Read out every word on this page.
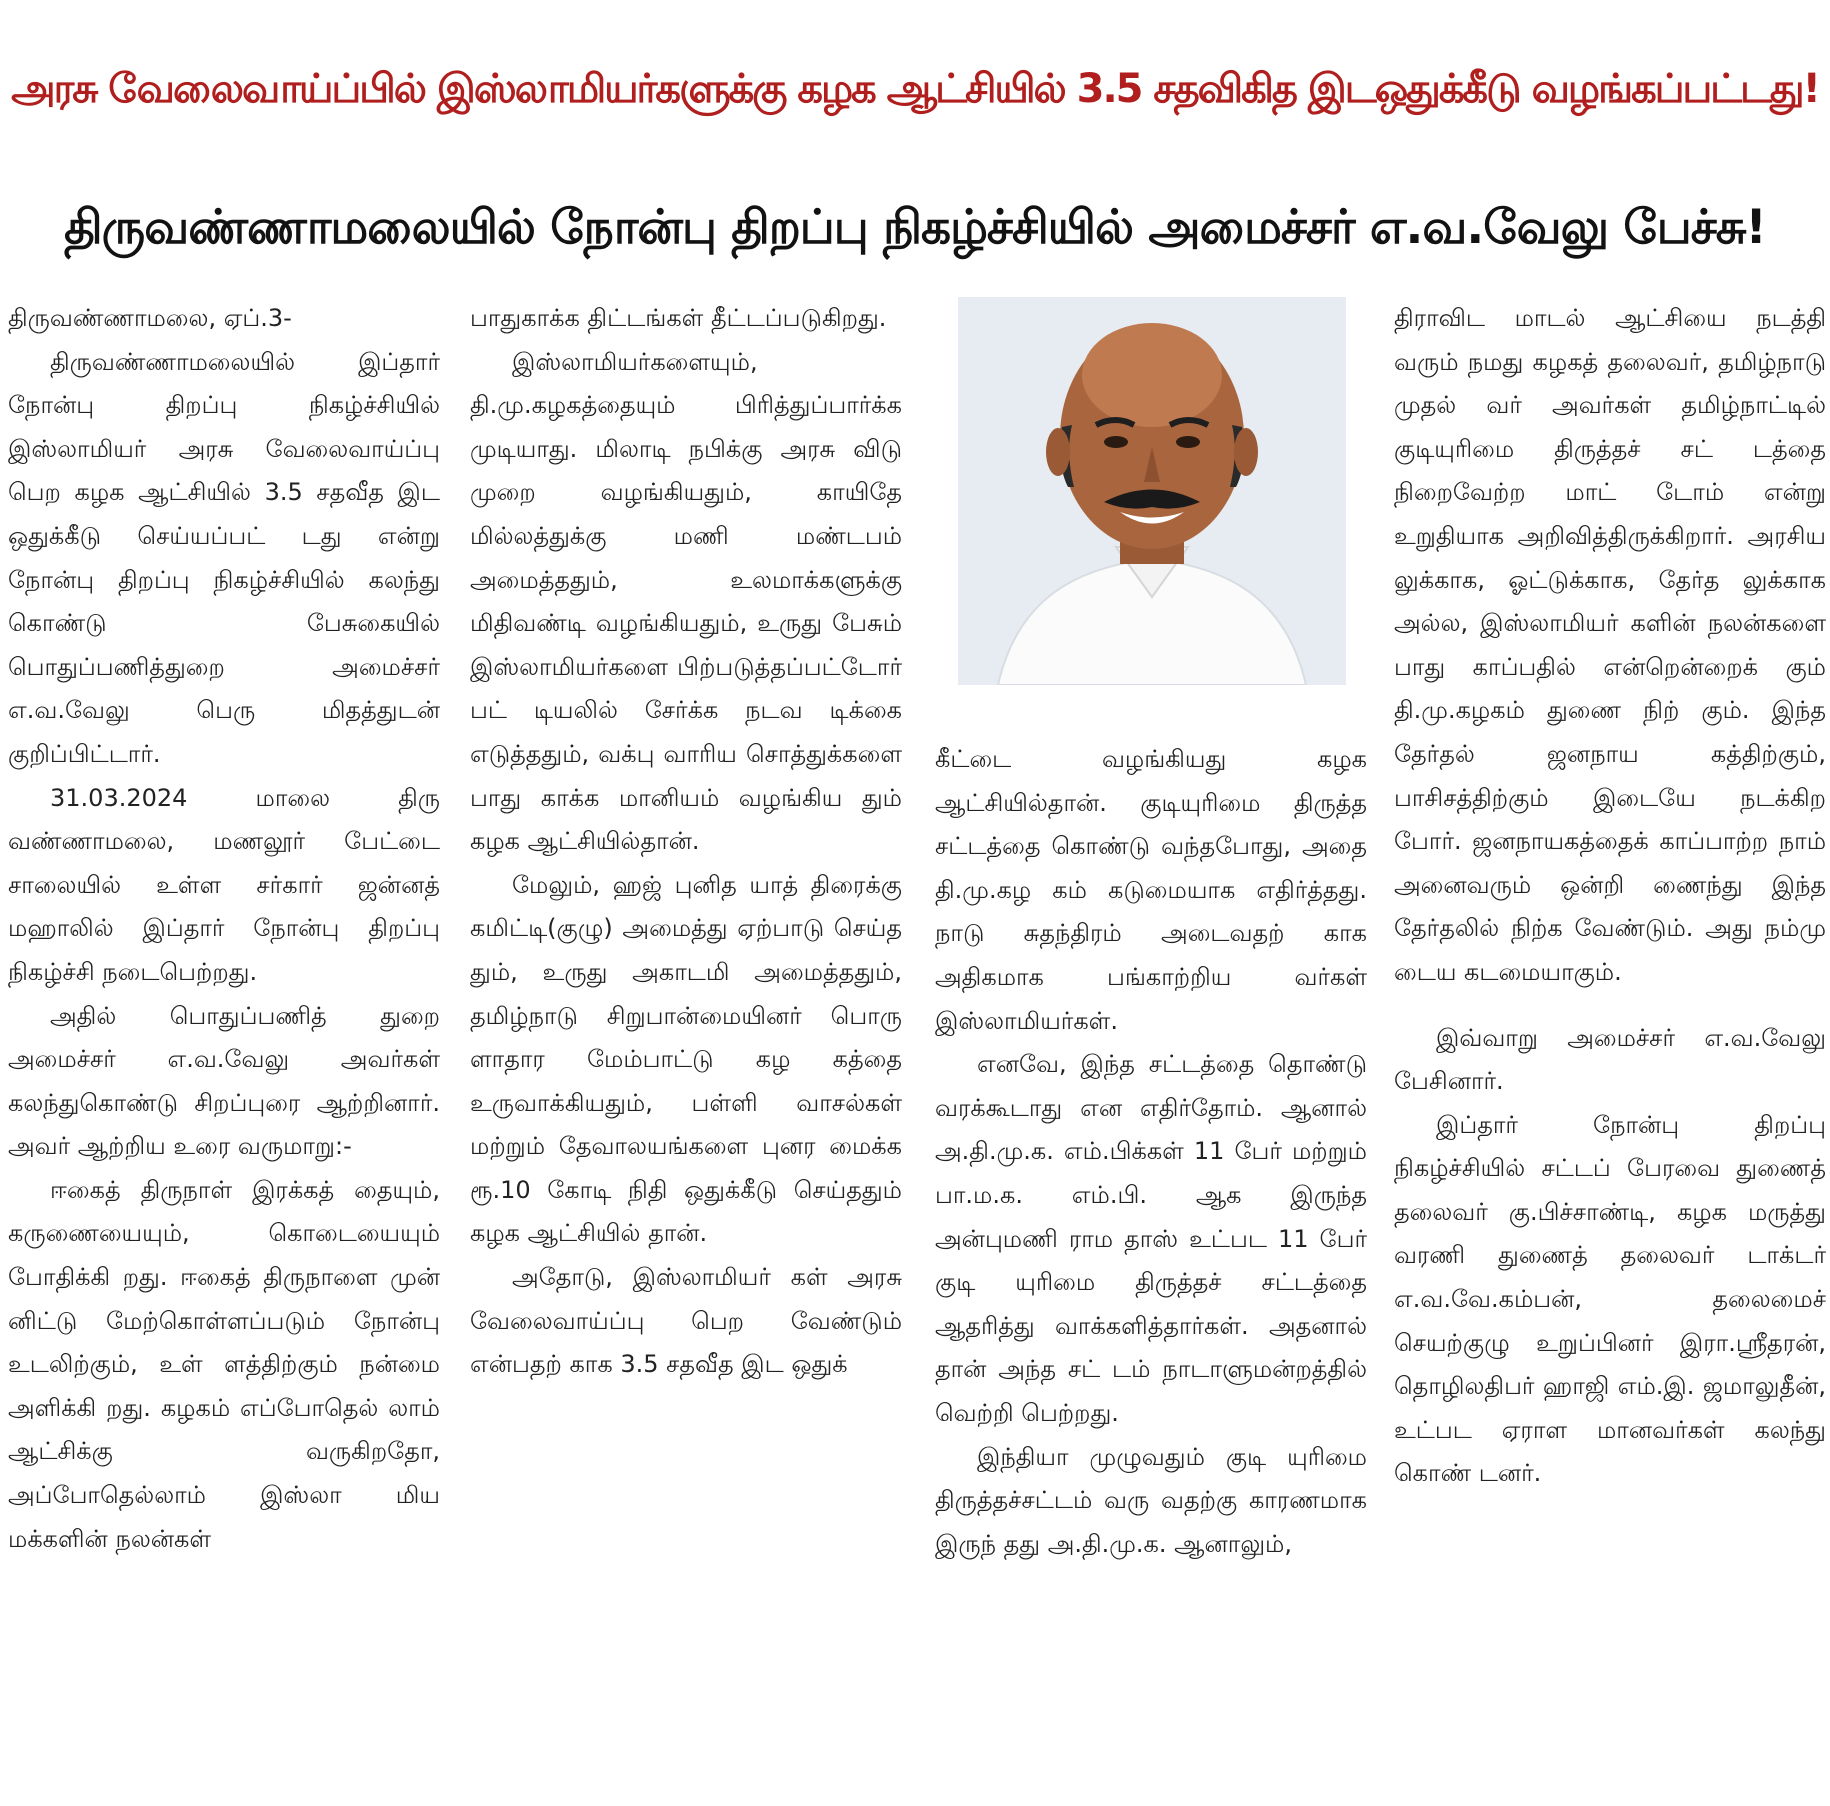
அரசு வேலைவாய்ப்பில் இஸ்லாமியர்களுக்கு கழக ஆட்சியில் 3.5 சதவிகித இடஒதுக்கீடு வழங்கப்பட்டது!
திருவண்ணாமலையில் நோன்பு திறப்பு நிகழ்ச்சியில் அமைச்சர் எ.வ.வேலு பேச்சு!

திருவண்ணாமலை, ஏப்.3-

திருவண்ணாமலையில் இப்தார் நோன்பு திறப்பு நிகழ்ச்சியில் இஸ்லாமியர் அரசு வேலைவாய்ப்பு பெற கழக ஆட்சியில் 3.5 சதவீத இட ஒதுக்கீடு செய்யப்பட் டது என்று நோன்பு திறப்பு நிகழ்ச்சியில் கலந்து கொண்டு பேசுகையில் பொதுப்பணித்துறை அமைச்சர் எ.வ.வேலு பெரு மிதத்துடன் குறிப்பிட்டார்.

31.03.2024 மாலை திரு வண்ணாமலை, மணலூர் பேட்டை சாலையில் உள்ள சர்கார் ஜன்னத் மஹாலில் இப்தார் நோன்பு திறப்பு நிகழ்ச்சி நடைபெற்றது.

அதில் பொதுப்பணித் துறை அமைச்சர் எ.வ.வேலு அவர்கள் கலந்துகொண்டு சிறப்புரை ஆற்றினார். அவர் ஆற்றிய உரை வருமாறு:-

ஈகைத் திருநாள் இரக்கத் தையும், கருணையையும், கொடையையும் போதிக்கி றது. ஈகைத் திருநாளை முன் னிட்டு மேற்கொள்ளப்படும் நோன்பு உடலிற்கும், உள் ளத்திற்கும் நன்மை அளிக்கி றது. கழகம் எப்போதெல் லாம் ஆட்சிக்கு வருகிறதோ, அப்போதெல்லாம் இஸ்லா மிய மக்களின் நலன்கள்

பாதுகாக்க திட்டங்கள் தீட்டப்படுகிறது.

இஸ்லாமியர்களையும், தி.மு.கழகத்தையும் பிரித்துப்பார்க்க முடியாது. மிலாடி நபிக்கு அரசு விடு முறை வழங்கியதும், காயிதே மில்லத்துக்கு மணி மண்டபம் அமைத்ததும், உலமாக்களுக்கு மிதிவண்டி வழங்கியதும், உருது பேசும் இஸ்லாமியர்களை பிற்படுத்தப்பட்டோர் பட் டியலில் சேர்க்க நடவ டிக்கை எடுத்ததும், வக்பு வாரிய சொத்துக்களை பாது காக்க மானியம் வழங்கிய தும் கழக ஆட்சியில்தான்.

மேலும், ஹஜ் புனித யாத் திரைக்கு கமிட்டி(குழு) அமைத்து ஏற்பாடு செய்த தும், உருது அகாடமி அமைத்ததும், தமிழ்நாடு சிறுபான்மையினர் பொரு ளாதார மேம்பாட்டு கழ கத்தை உருவாக்கியதும், பள்ளி வாசல்கள் மற்றும் தேவாலயங்களை புனர மைக்க ரூ.10 கோடி நிதி ஒதுக்கீடு செய்ததும் கழக ஆட்சியில் தான்.

அதோடு, இஸ்லாமியர் கள் அரசு வேலைவாய்ப்பு பெற வேண்டும் என்பதற் காக 3.5 சதவீத இட ஒதுக்

கீட்டை வழங்கியது கழக ஆட்சியில்தான். குடியுரிமை திருத்த சட்டத்தை கொண்டு வந்தபோது, அதை தி.மு.கழ கம் கடுமையாக எதிர்த்தது. நாடு சுதந்திரம் அடைவதற் காக அதிகமாக பங்காற்றிய வர்கள் இஸ்லாமியர்கள்.

எனவே, இந்த சட்டத்தை தொண்டு வரக்கூடாது என எதிர்தோம். ஆனால் அ.தி.மு.க. எம்.பிக்கள் 11 பேர் மற்றும் பா.ம.க. எம்.பி. ஆக இருந்த அன்புமணி ராம தாஸ் உட்பட 11 பேர் குடி யுரிமை திருத்தச் சட்டத்தை ஆதரித்து வாக்களித்தார்கள். அதனால் தான் அந்த சட் டம் நாடாளுமன்றத்தில் வெற்றி பெற்றது.

இந்தியா முழுவதும் குடி யுரிமை திருத்தச்சட்டம் வரு வதற்கு காரணமாக இருந் தது அ.தி.மு.க. ஆனாலும்,

திராவிட மாடல் ஆட்சியை நடத்தி வரும் நமது கழகத் தலைவர், தமிழ்நாடு முதல் வர் அவர்கள் தமிழ்நாட்டில் குடியுரிமை திருத்தச் சட் டத்தை நிறைவேற்ற மாட் டோம் என்று உறுதியாக அறிவித்திருக்கிறார். அரசிய லுக்காக, ஓட்டுக்காக, தேர்த லுக்காக அல்ல, இஸ்லாமியர் களின் நலன்களை பாது காப்பதில் என்றென்றைக் கும் தி.மு.கழகம் துணை நிற் கும். இந்த தேர்தல் ஜனநாய கத்திற்கும், பாசிசத்திற்கும் இடையே நடக்கிற போர். ஜனநாயகத்தைக் காப்பாற்ற நாம் அனைவரும் ஒன்றி ணைந்து இந்த தேர்தலில் நிற்க வேண்டும். அது நம்மு டைய கடமையாகும்.

இவ்வாறு அமைச்சர் எ.வ.வேலு பேசினார்.

இப்தார் நோன்பு திறப்பு நிகழ்ச்சியில் சட்டப் பேரவை துணைத் தலைவர் கு.பிச்சாண்டி, கழக மருத்து வரணி துணைத் தலைவர் டாக்டர் எ.வ.வே.கம்பன், தலைமைச் செயற்குழு உறுப்பினர் இரா.ஸ்ரீதரன், தொழிலதிபர் ஹாஜி எம்.இ. ஜமாலுதீன், உட்பட ஏராள மானவர்கள் கலந்து கொண் டனர்.
